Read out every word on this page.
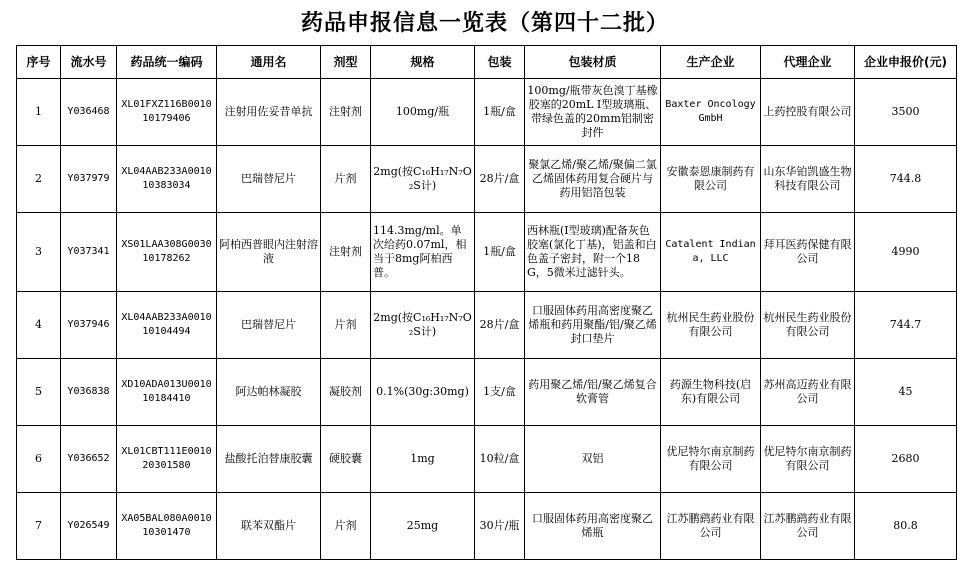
药品申报信息一览表（第四十二批）
序号	流水号	药品统一编码	通用名	剂型	规格	包装	包装材质	生产企业	代理企业	企业申报价(元)
1	Y036468	XL01FXZ116B001010179406	注射用佐妥昔单抗	注射剂	100mg/瓶	1瓶/盒	100mg/瓶带灰色溴丁基橡胶塞的20mL I型玻璃瓶、带绿色盖的20mm铝制密封件	Baxter Oncology GmbH	上药控股有限公司	3500
2	Y037979	XL04AAB233A001010383034	巴瑞替尼片	片剂	2mg(按C₁₆H₁₇N₇O₂S计)	28片/盒	聚氯乙烯/聚乙烯/聚偏二氯乙烯固体药用复合硬片与药用铝箔包装	安徽泰恩康制药有限公司	山东华铂凯盛生物科技有限公司	744.8
3	Y037341	XS01LAA308G003010178262	阿柏西普眼内注射溶液	注射剂	114.3mg/ml。单次给药0.07ml，相当于8mg阿柏西普。	1瓶/盒	西林瓶(I型玻璃)配备灰色胶塞(氯化丁基)，铝盖和白色盖子密封，附一个18G，5微米过滤针头。	Catalent Indiana, LLC	拜耳医药保健有限公司	4990
4	Y037946	XL04AAB233A001010104494	巴瑞替尼片	片剂	2mg(按C₁₆H₁₇N₇O₂S计)	28片/盒	口服固体药用高密度聚乙烯瓶和药用聚酯/铝/聚乙烯封口垫片	杭州民生药业股份有限公司	杭州民生药业股份有限公司	744.7
5	Y036838	XD10ADA013U001010184410	阿达帕林凝胶	凝胶剂	0.1%(30g:30mg)	1支/盒	药用聚乙烯/铝/聚乙烯复合软膏管	药源生物科技(启东)有限公司	苏州高迈药业有限公司	45
6	Y036652	XL01CBT111E001020301580	盐酸托泊替康胶囊	硬胶囊	1mg	10粒/盒	双铝	优尼特尔南京制药有限公司	优尼特尔南京制药有限公司	2680
7	Y026549	XA05BAL080A001010301470	联苯双酯片	片剂	25mg	30片/瓶	口服固体药用高密度聚乙烯瓶	江苏鹏鹞药业有限公司	江苏鹏鹞药业有限公司	80.8
